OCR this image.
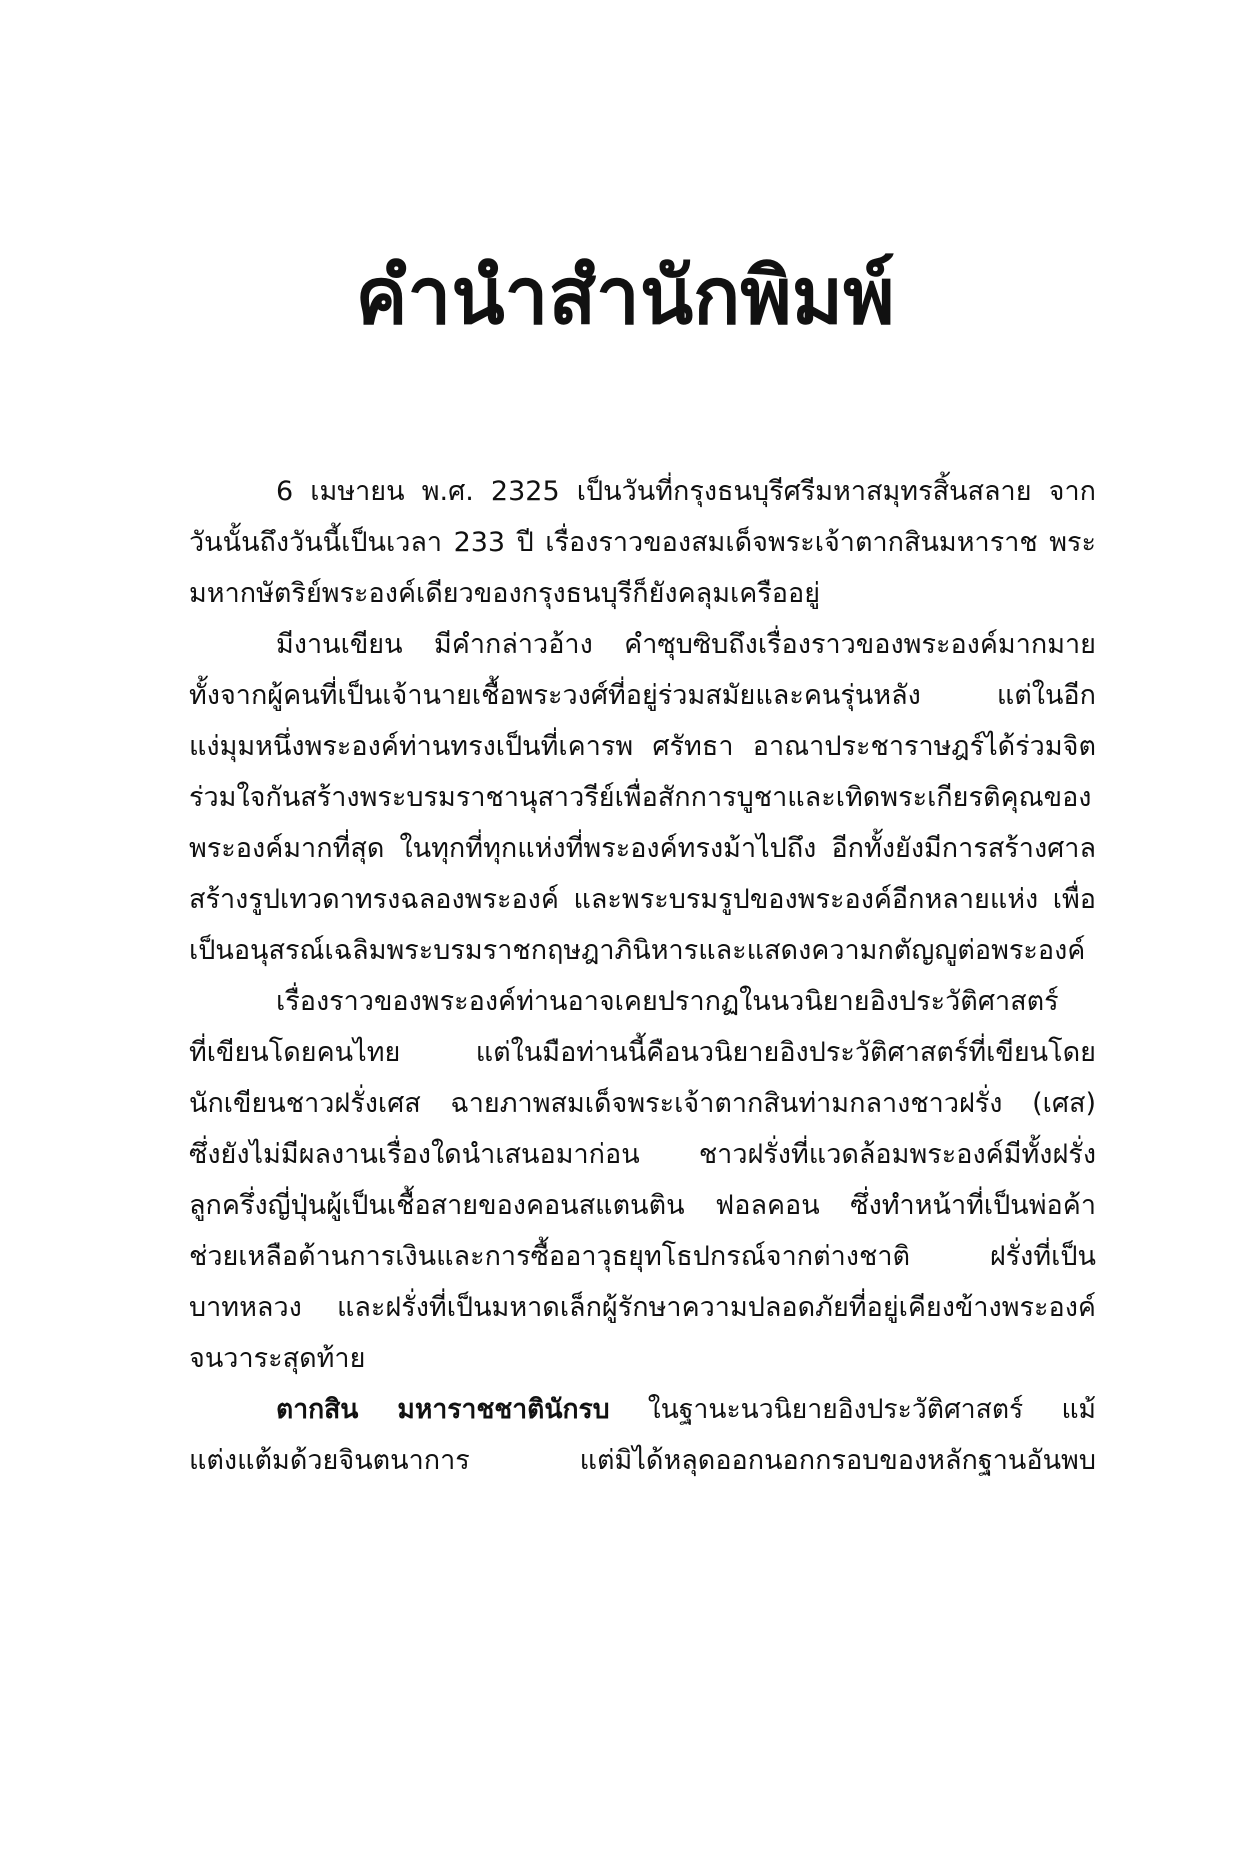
คำนำสำนักพิมพ์
6 เมษายน พ.ศ. 2325 เป็นวันที่กรุงธนบุรีศรีมหาสมุทรสิ้นสลาย จาก
วันนั้นถึงวันนี้เป็นเวลา 233 ปี เรื่องราวของสมเด็จพระเจ้าตากสินมหาราช พระ
มหากษัตริย์พระองค์เดียวของกรุงธนบุรีก็ยังคลุมเครืออยู่
มีงานเขียน มีคำกล่าวอ้าง คำซุบซิบถึงเรื่องราวของพระองค์มากมาย
ทั้งจากผู้คนที่เป็นเจ้านายเชื้อพระวงศ์ที่อยู่ร่วมสมัยและคนรุ่นหลัง แต่ในอีก
แง่มุมหนึ่งพระองค์ท่านทรงเป็นที่เคารพ ศรัทธา อาณาประชาราษฎร์ได้ร่วมจิต
ร่วมใจกันสร้างพระบรมราชานุสาวรีย์เพื่อสักการบูชาและเทิดพระเกียรติคุณของ
พระองค์มากที่สุด ในทุกที่ทุกแห่งที่พระองค์ทรงม้าไปถึง อีกทั้งยังมีการสร้างศาล
สร้างรูปเทวดาทรงฉลองพระองค์ และพระบรมรูปของพระองค์อีกหลายแห่ง เพื่อ
เป็นอนุสรณ์เฉลิมพระบรมราชกฤษฎาภินิหารและแสดงความกตัญญูต่อพระองค์
เรื่องราวของพระองค์ท่านอาจเคยปรากฏในนวนิยายอิงประวัติศาสตร์
ที่เขียนโดยคนไทย แต่ในมือท่านนี้คือนวนิยายอิงประวัติศาสตร์ที่เขียนโดย
นักเขียนชาวฝรั่งเศส ฉายภาพสมเด็จพระเจ้าตากสินท่ามกลางชาวฝรั่ง (เศส)
ซึ่งยังไม่มีผลงานเรื่องใดนำเสนอมาก่อน ชาวฝรั่งที่แวดล้อมพระองค์มีทั้งฝรั่ง
ลูกครึ่งญี่ปุ่นผู้เป็นเชื้อสายของคอนสแตนติน ฟอลคอน ซึ่งทำหน้าที่เป็นพ่อค้า
ช่วยเหลือด้านการเงินและการซื้ออาวุธยุทโธปกรณ์จากต่างชาติ ฝรั่งที่เป็น
บาทหลวง และฝรั่งที่เป็นมหาดเล็กผู้รักษาความปลอดภัยที่อยู่เคียงข้างพระองค์
จนวาระสุดท้าย
ตากสิน มหาราชชาตินักรบ ในฐานะนวนิยายอิงประวัติศาสตร์ แม้
แต่งแต้มด้วยจินตนาการ แต่มิได้หลุดออกนอกกรอบของหลักฐานอันพบ
